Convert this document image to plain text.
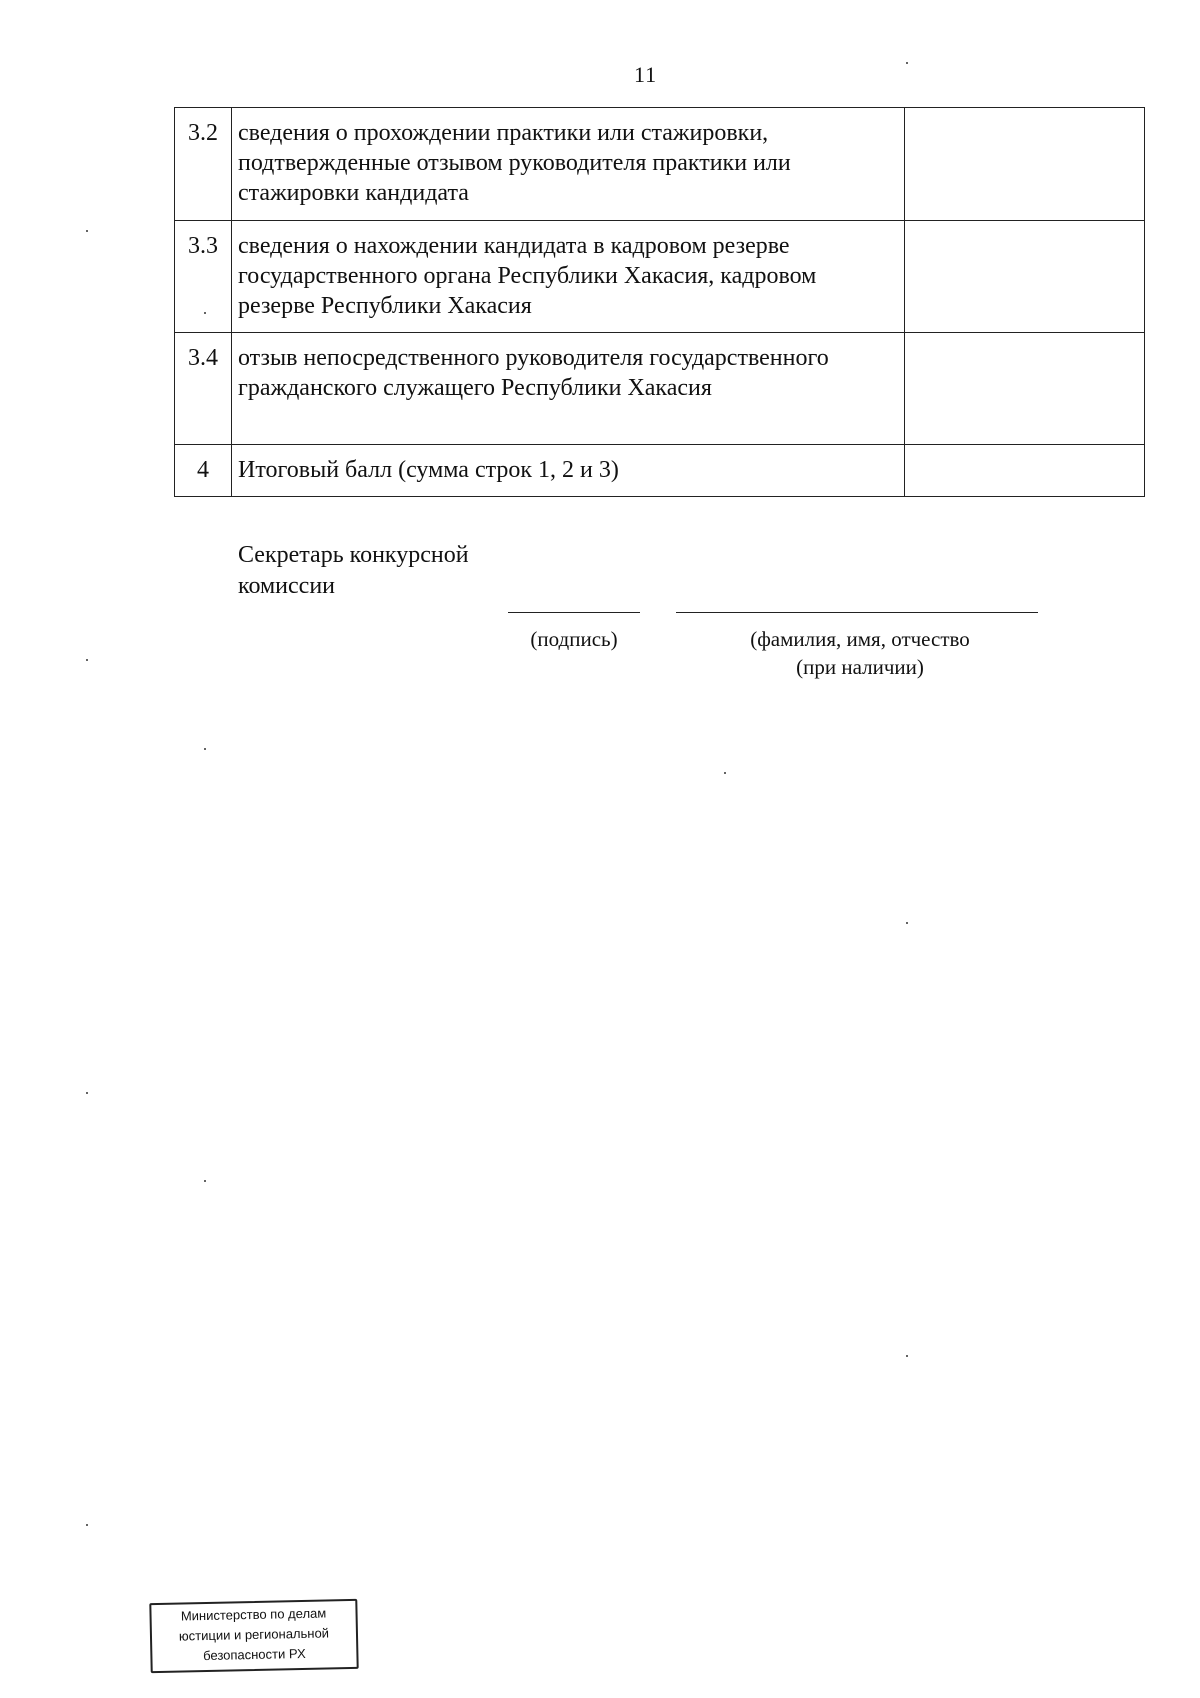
11
3.2	сведения о прохождении практики или стажировки, подтвержденные отзывом руководителя практики или стажировки кандидата	
3.3	сведения о нахождении кандидата в кадровом резерве государственного органа Республики Хакасия, кадровом резерве Республики Хакасия	
3.4	отзыв непосредственного руководителя государственного гражданского служащего Республики Хакасия	
4	Итоговый балл (сумма строк 1, 2 и 3)	
Секретарь конкурсной
комиссии
(подпись)	(фамилия, имя, отчество
(при наличии)
Министерство по делам
юстиции и региональной
безопасности РХ
